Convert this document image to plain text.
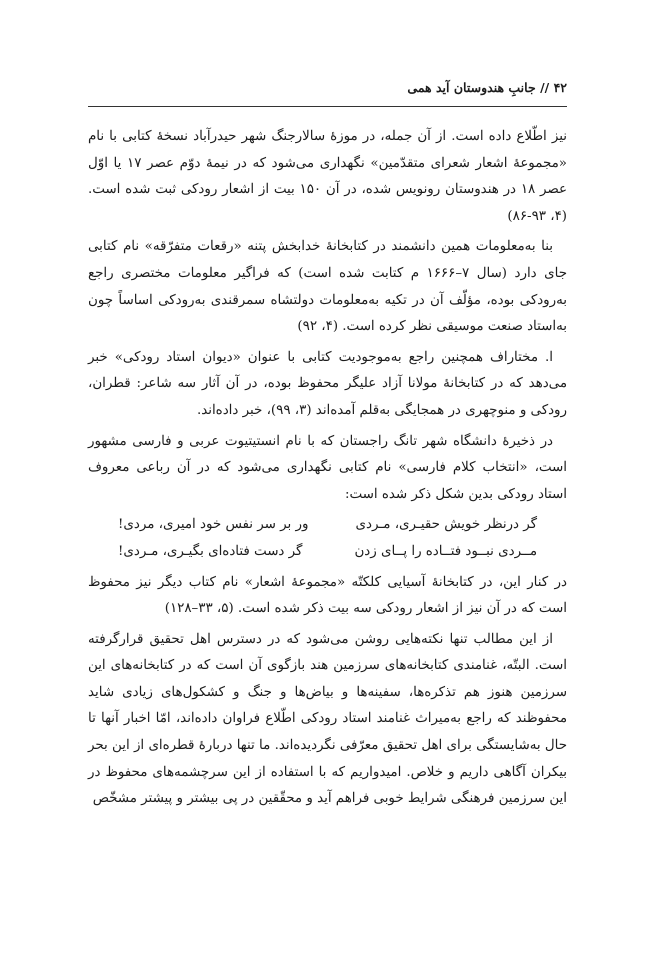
۴۲ // جانبِ هندوستان آید همی

نیز اطّلاع داده است. از آن جمله، در موزهٔ سالارجنگ شهر حیدرآباد نسخهٔ کتابی با نام «مجموعهٔ اشعار شعرای متقدّمین» نگهداری می‌شود که در نیمهٔ دوّم عصر ۱۷ یا اوّل عصر ۱۸ در هندوستان رونویس شده، در آن ۱۵۰ بیت از اشعار رودکی ثبت شده است. (۴، ۹۳-۸۶)

بنا به‌معلومات همین دانشمند در کتابخانهٔ خدابخش پتنه «رقعات متفرّقه» نام کتابی جای دارد (سال ۷–۱۶۶۶ م کتابت شده است) که فراگیر معلومات مختصری راجع به‌رودکی بوده، مؤلّف آن در تکیه به‌معلومات دولتشاه سمرقندی به‌رودکی اساساً چون به‌استاد صنعت موسیقی نظر کرده است. (۴، ۹۲)

ا. مختاراف همچنین راجع به‌موجودیت کتابی با عنوان «دیوان استاد رودکی» خبر می‌دهد که در کتابخانهٔ مولانا آزاد علیگر محفوظ بوده، در آن آثار سه شاعر: قطران، رودکی و منوچهری در همجایگی به‌قلم آمده‌اند (۳، ۹۹)، خبر داده‌اند.

در ذخیرهٔ دانشگاه شهر تانگ راجستان که با نام انستیتیوت عربی و فارسی مشهور است، «انتخاب کلام فارسی» نام کتابی نگهداری می‌شود که در آن رباعی معروف استاد رودکی بدین شکل ذکر شده است:

گر درنظر خویش حقیـری، مـردی
ور بر سر نفس خود امیری، مردی!
مــردی نبــود فتــاده را پــای زدن
گر دست فتاده‌ای بگیـری، مـردی!

در کنار این، در کتابخانهٔ آسیایی کلکتّه «مجموعهٔ اشعار» نام کتاب دیگر نیز محفوظ است که در آن نیز از اشعار رودکی سه بیت ذکر شده است. (۵، ۳۳–۱۲۸)

از این مطالب تنها نکته‌هایی روشن می‌شود که در دسترس اهل تحقیق قرارگرفته است. البتّه، غنامندی کتابخانه‌های سرزمین هند بازگوی آن است که در کتابخانه‌های این سرزمین هنوز هم تذکره‌ها، سفینه‌ها و بیاض‌ها و جنگ و کشکول‌های زیادی شاید محفوظند که راجع به‌میراث غنامند استاد رودکی اطّلاع فراوان داده‌اند، امّا اخبار آنها تا حال به‌شایستگی برای اهل تحقیق معرّفی نگردیده‌اند. ما تنها دربارهٔ قطره‌ای از این بحر بیکران آگاهی داریم و خلاص. امیدواریم که با استفاده از این سرچشمه‌های محفوظ در این سرزمین فرهنگی شرایط خوبی فراهم آید و محقّقین در پی بیشتر و پیشتر مشخّص
